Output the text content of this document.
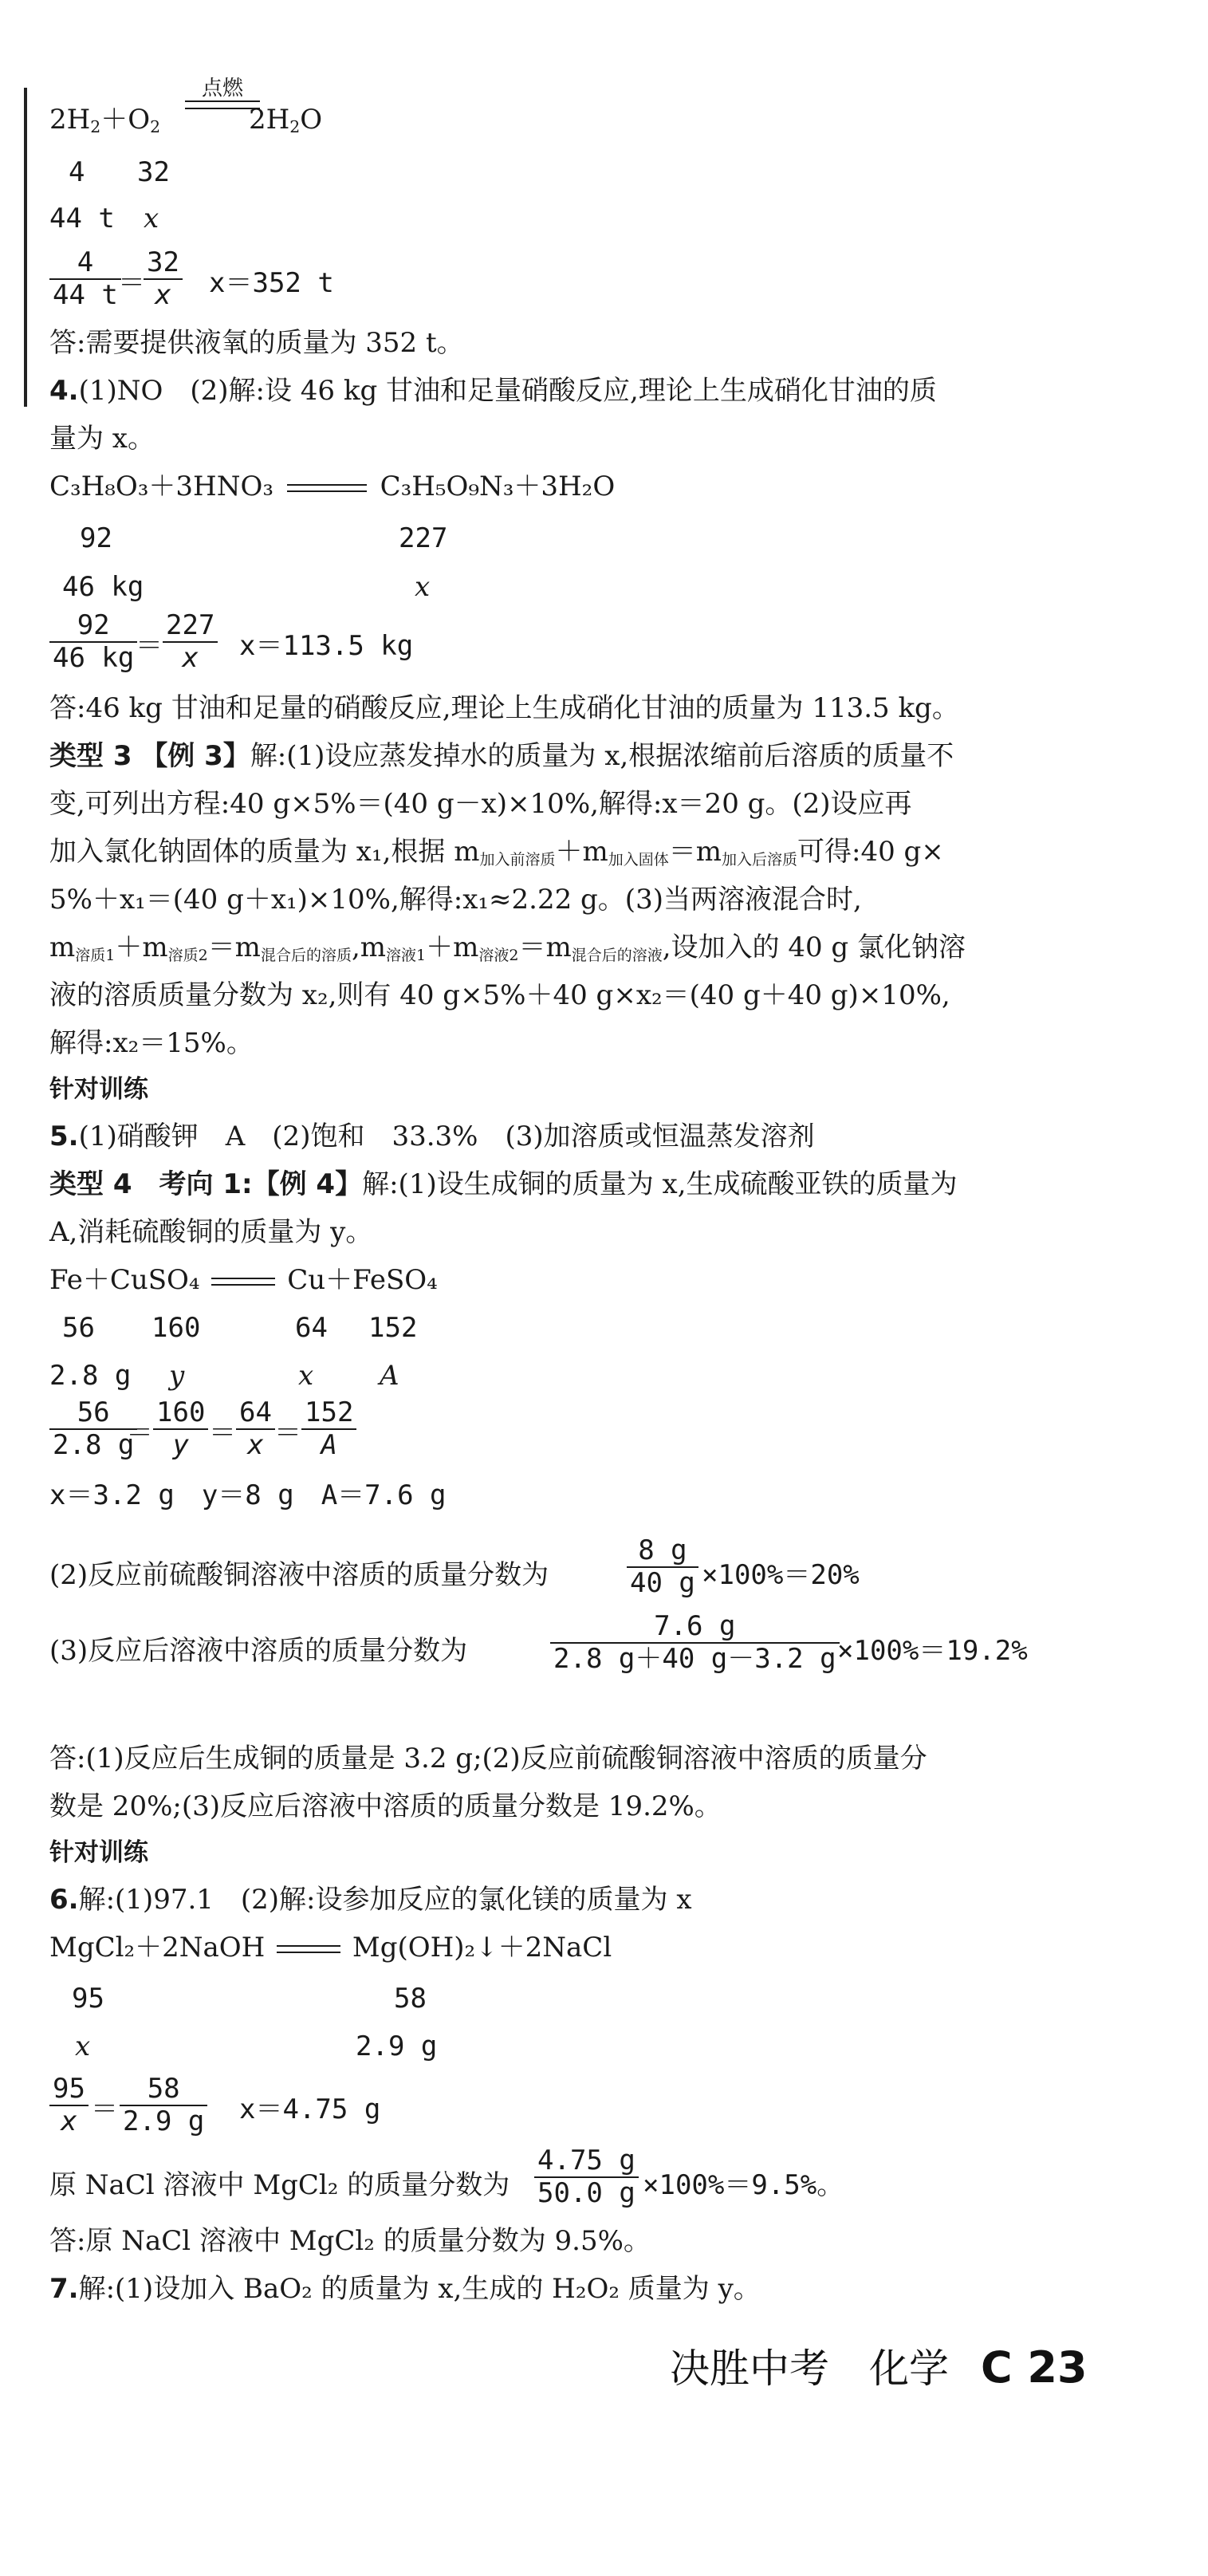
$2H_2+O_2$	$2H_2O$
点燃
4 32
44 t x
$\frac{4}{44 t}$
＝
$\frac{32}{x} x=352$ t
答:需要提供液氧的质量为 352 t。
4.(1)NO　(2)解:设 46 kg 甘油和足量硝酸反应,理论上生成硝化甘油的质
量为 x。
C₃H₈O₃＋3HNO₃	C₃H₅O₉N₃＋3H₂O
92	227
46 kg	x
$\frac{92}{46 kg}$
＝ $\frac{227}{x} x=113.5$ kg
答:46 kg 甘油和足量的硝酸反应,理论上生成硝化甘油的质量为 113.5 kg。
类型 3 【例 3】解:(1)设应蒸发掉水的质量为 x,根据浓缩前后溶质的质量不
变,可列出方程:40 g×5%＝(40 g－x)×10%,解得:x＝20 g。(2)设应再
加入氯化钠固体的质量为 x₁,根据 $m_{加入前溶质}+m_{加入固体}=m_{加入后溶质}$可得:40 g×
5%＋x₁＝(40 g＋x₁)×10%,解得:x₁≈2.22 g。(3)当两溶液混合时,
$m_{溶质1}+m_{溶质2}=m_{混合后的溶质},m_{溶液1}+m_{溶液2}=m_{混合后的溶液}$,设加入的 40 g 氯化钠溶
液的溶质质量分数为 x₂,则有 40 g×5%＋40 g×x₂＝(40 g＋40 g)×10%,
解得:x₂＝15%。
针对训练
5.(1)硝酸钾　A　(2)饱和　33.3%　(3)加溶质或恒温蒸发溶剂
类型 4　 考向 1:【例 4】解:(1)设生成铜的质量为 x,生成硫酸亚铁的质量为
A,消耗硫酸铜的质量为 y。
Fe＋CuSO₄	Cu＋FeSO₄
56 160	64 152
2.8 g y	x A
$\frac{56}{2.8 g}$
＝ $\frac{160}{y} = \frac{64}{x} = \frac{152}{A}$
x＝3.2 g　y＝8 g　A＝7.6 g
(2)反应前硫酸铜溶液中溶质的质量分数为	$\frac{8 g}{40 g} \times 100\%=20\%$
(3)反应后溶液中溶质的质量分数为	$\frac{7.6 g}{2.8 g+40 g-3.2 g}$
×100%＝19.2%
答:(1)反应后生成铜的质量是 3.2 g;(2)反应前硫酸铜溶液中溶质的质量分
数是 20%;(3)反应后溶液中溶质的质量分数是 19.2%。
针对训练
6.解:(1)97.1　(2)解:设参加反应的氯化镁的质量为 x
MgCl₂＋2NaOH	Mg(OH)₂↓＋2NaCl
95	58
x	2.9 g
$\frac{95}{x} = \frac{58}{2.9 g} x=4.75$ g
原 NaCl 溶液中 MgCl₂ 的质量分数为 $\frac{4.75 g}{50.0 g} \times 100\%=9.5\%$。
答:原 NaCl 溶液中 MgCl₂ 的质量分数为 9.5%。
7.解:(1)设加入 BaO₂ 的质量为 x,生成的 H₂O₂ 质量为 y。
决胜中考　化学 C 23
